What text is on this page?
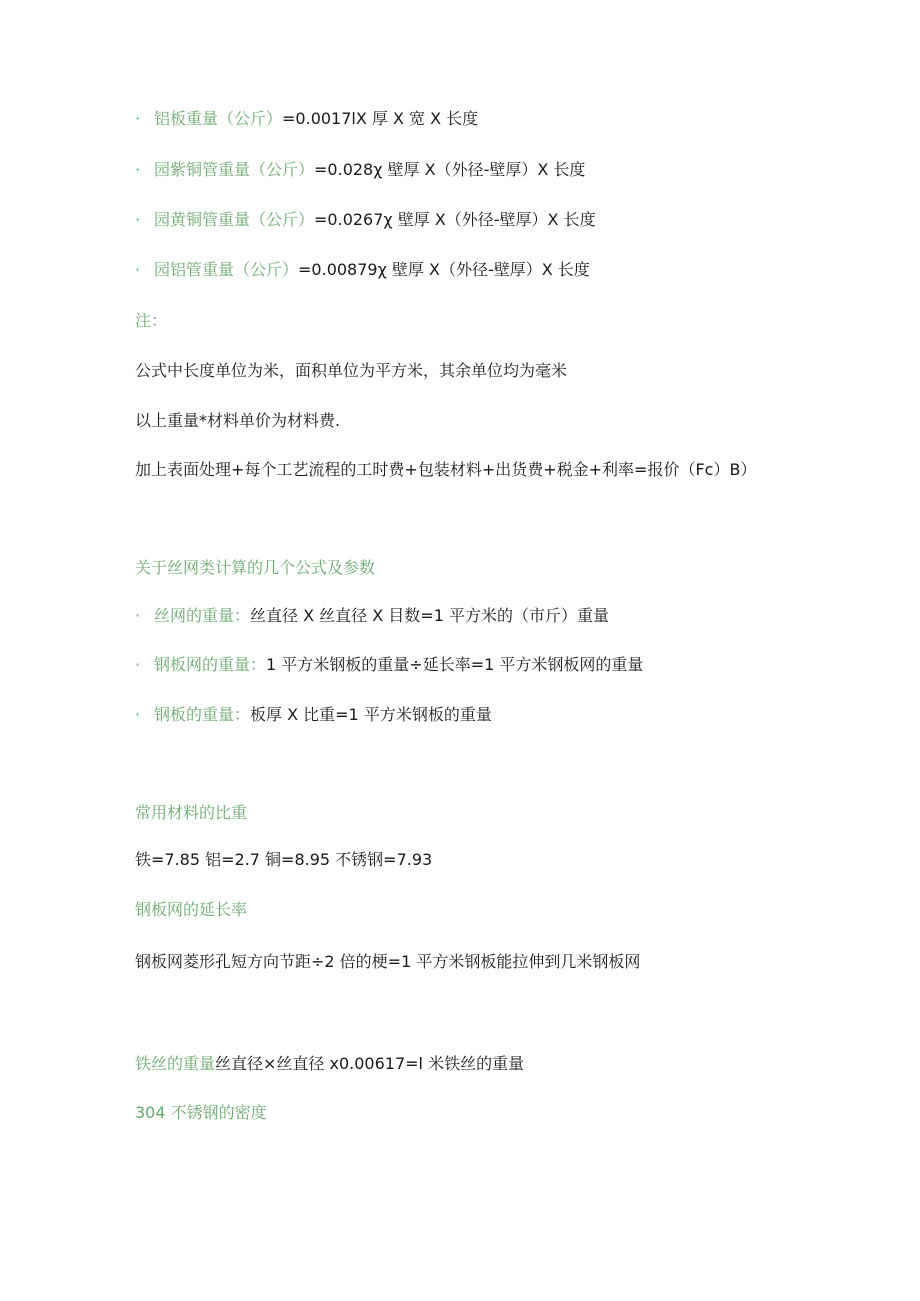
·铝板重量（公斤）=0.0017lX 厚 X 宽 X 长度
·园紫铜管重量（公斤）=0.028χ 壁厚 X（外径-壁厚）X 长度
·园黄铜管重量（公斤）=0.0267χ 壁厚 X（外径-壁厚）X 长度
·园铝管重量（公斤）=0.00879χ 壁厚 X（外径-壁厚）X 长度
注：
公式中长度单位为米，面积单位为平方米，其余单位均为毫米
以上重量*材料单价为材料费.
加上表面处理+每个工艺流程的工时费+包装材料+出货费+税金+利率=报价（Fc）B）
关于丝网类计算的几个公式及参数
·丝网的重量：丝直径 X 丝直径 X 目数=1 平方米的（市斤）重量
·钢板网的重量：1 平方米钢板的重量÷延长率=1 平方米钢板网的重量
·钢板的重量：板厚 X 比重=1 平方米钢板的重量
常用材料的比重
铁=7.85 铝=2.7 铜=8.95 不锈钢=7.93
钢板网的延长率
钢板网菱形孔短方向节距÷2 倍的梗=1 平方米钢板能拉伸到几米钢板网
铁丝的重量丝直径×丝直径 x0.00617=l 米铁丝的重量
304 不锈钢的密度
